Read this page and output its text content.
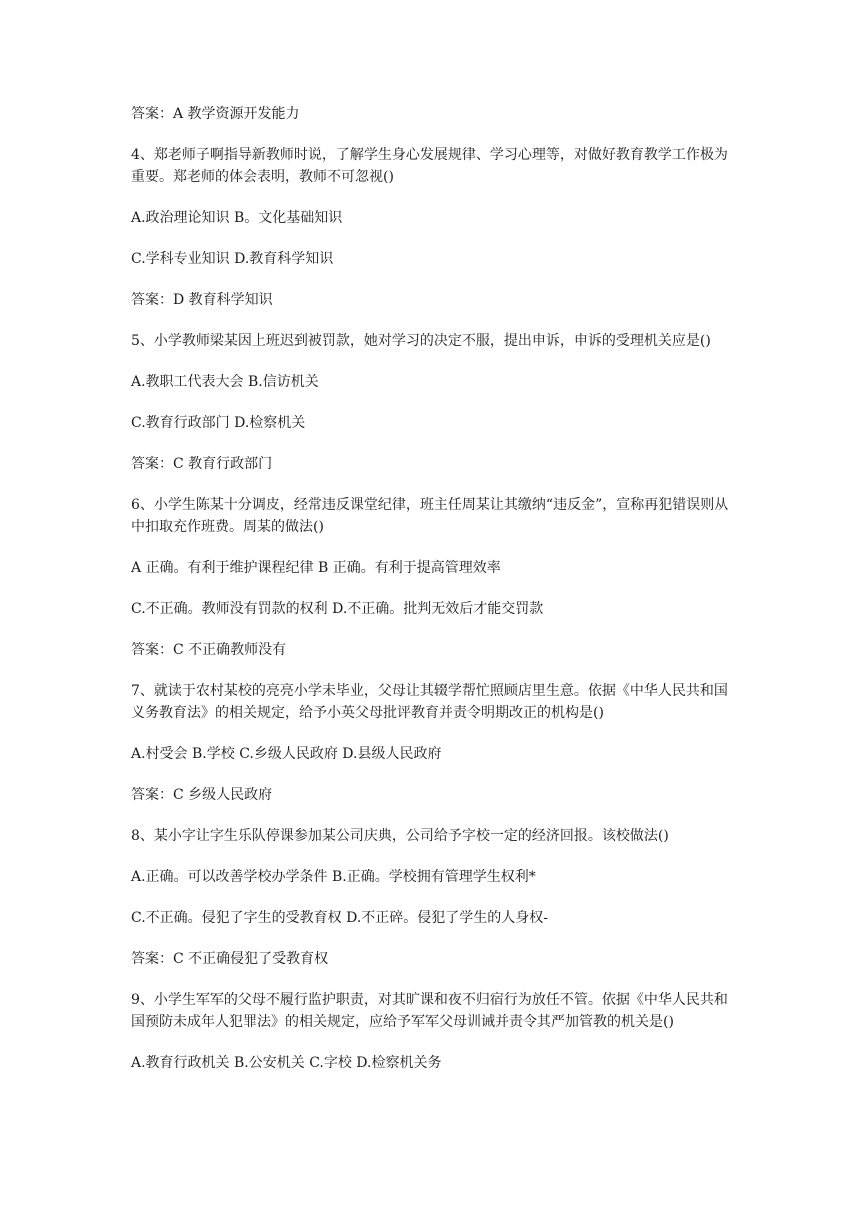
答案：A 教学资源开发能力

4、郑老师子啊指导新教师时说，了解学生身心发展规律、学习心理等，对做好教育教学工作极为重要。郑老师的体会表明，教师不可忽视()

A.政治理论知识 B。文化基础知识

C.学科专业知识 D.教育科学知识

答案：D 教育科学知识

5、小学教师梁某因上班迟到被罚款，她对学习的决定不服，提出申诉，申诉的受理机关应是()

A.教职工代表大会 B.信访机关

C.教育行政部门 D.检察机关

答案：C 教育行政部门

6、小学生陈某十分调皮，经常违反课堂纪律，班主任周某让其缴纳“违反金”，宣称再犯错误则从中扣取充作班费。周某的做法()

A 正确。有利于维护课程纪律 B 正确。有利于提高管理效率

C.不正确。教师没有罚款的权利 D.不正确。批判无效后才能交罚款

答案：C 不正确教师没有

7、就读于农村某校的亮亮小学未毕业，父母让其辍学帮忙照顾店里生意。依据《中华人民共和国义务教育法》的相关规定，给予小英父母批评教育并责令明期改正的机构是()

A.村受会 B.学校 C.乡级人民政府 D.县级人民政府

答案：C 乡级人民政府

8、某小字让字生乐队停课参加某公司庆典，公司给予字校一定的经济回报。该校做法()

A.正确。可以改善学校办学条件 B.正确。学校拥有管理学生权利*

C.不正确。侵犯了字生的受教育权 D.不正碎。侵犯了学生的人身权-

答案：C 不正确侵犯了受教育权

9、小学生军军的父母不履行监护职责，对其旷课和夜不归宿行为放任不管。依据《中华人民共和国预防未成年人犯罪法》的相关规定，应给予军军父母训诫并责令其严加管教的机关是()

A.教育行政机关 B.公安机关 C.字校 D.检察机关务
